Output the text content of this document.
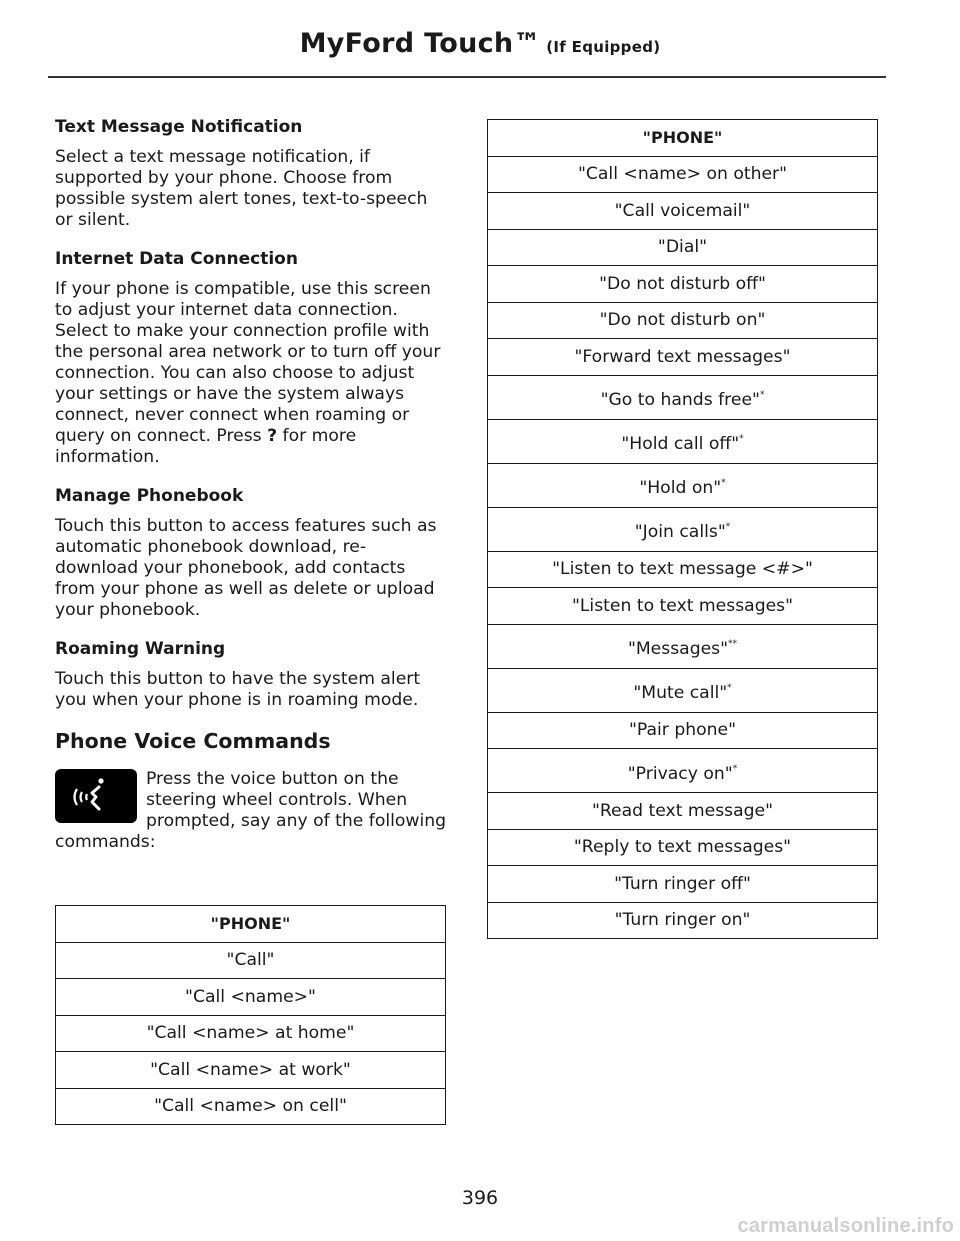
MyFord Touch™ (If Equipped)
Text Message Notification

Select a text message notification, if supported by your phone. Choose from possible system alert tones, text-to-speech or silent.

Internet Data Connection

If your phone is compatible, use this screen to adjust your internet data connection. Select to make your connection profile with the personal area network or to turn off your connection. You can also choose to adjust your settings or have the system always connect, never connect when roaming or query on connect. Press ? for more information.

Manage Phonebook

Touch this button to access features such as automatic phonebook download, re-download your phonebook, add contacts from your phone as well as delete or upload your phonebook.

Roaming Warning

Touch this button to have the system alert you when your phone is in roaming mode.

Phone Voice Commands
Press the voice button on the steering wheel controls. When prompted, say any of the following commands:
"PHONE"
"Call"
"Call <name>"
"Call <name> at home"
"Call <name> at work"
"Call <name> on cell"
"PHONE"
"Call <name> on other"
"Call voicemail"
"Dial"
"Do not disturb off"
"Do not disturb on"
"Forward text messages"
"Go to hands free"*
"Hold call off"*
"Hold on"*
"Join calls"*
"Listen to text message <#>"
"Listen to text messages"
"Messages"**
"Mute call"*
"Pair phone"
"Privacy on"*
"Read text message"
"Reply to text messages"
"Turn ringer off"
"Turn ringer on"
396
carmanualsonline.info
